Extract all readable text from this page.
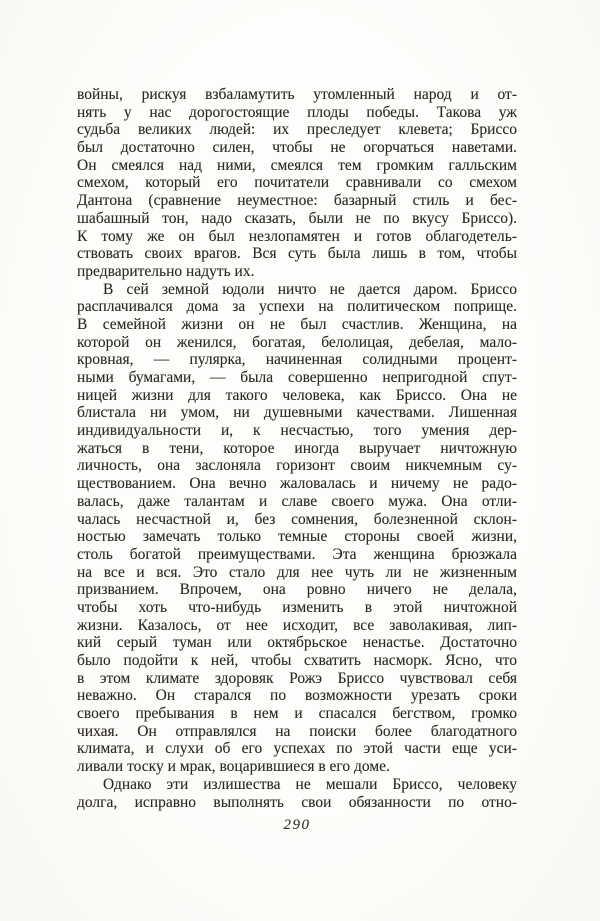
войны, рискуя взбаламутить утомленный народ и от-
нять у нас дорогостоящие плоды победы. Такова уж
судьба великих людей: их преследует клевета; Бриссо
был достаточно силен, чтобы не огорчаться наветами.
Он смеялся над ними, смеялся тем громким галльским
смехом, который его почитатели сравнивали со смехом
Дантона (сравнение неуместное: базарный стиль и бес-
шабашный тон, надо сказать, были не по вкусу Бриссо).
К тому же он был незлопамятен и готов облагодетель-
ствовать своих врагов. Вся суть была лишь в том, чтобы
предварительно надуть их.
В сей земной юдоли ничто не дается даром. Бриссо
расплачивался дома за успехи на политическом поприще.
В семейной жизни он не был счастлив. Женщина, на
которой он женился, богатая, белолицая, дебелая, мало-
кровная, — пулярка, начиненная солидными процент-
ными бумагами, — была совершенно непригодной спут-
ницей жизни для такого человека, как Бриссо. Она не
блистала ни умом, ни душевными качествами. Лишенная
индивидуальности и, к несчастью, того умения дер-
жаться в тени, которое иногда выручает ничтожную
личность, она заслоняла горизонт своим никчемным су-
ществованием. Она вечно жаловалась и ничему не радо-
валась, даже талантам и славе своего мужа. Она отли-
чалась несчастной и, без сомнения, болезненной склон-
ностью замечать только темные стороны своей жизни,
столь богатой преимуществами. Эта женщина брюзжала
на все и вся. Это стало для нее чуть ли не жизненным
призванием. Впрочем, она ровно ничего не делала,
чтобы хоть что-нибудь изменить в этой ничтожной
жизни. Казалось, от нее исходит, все заволакивая, лип-
кий серый туман или октябрьское ненастье. Достаточно
было подойти к ней, чтобы схватить насморк. Ясно, что
в этом климате здоровяк Рожэ Бриссо чувствовал себя
неважно. Он старался по возможности урезать сроки
своего пребывания в нем и спасался бегством, громко
чихая. Он отправлялся на поиски более благодатного
климата, и слухи об его успехах по этой части еще уси-
ливали тоску и мрак, воцарившиеся в его доме.
Однако эти излишества не мешали Бриссо, человеку
долга, исправно выполнять свои обязанности по отно-
290
